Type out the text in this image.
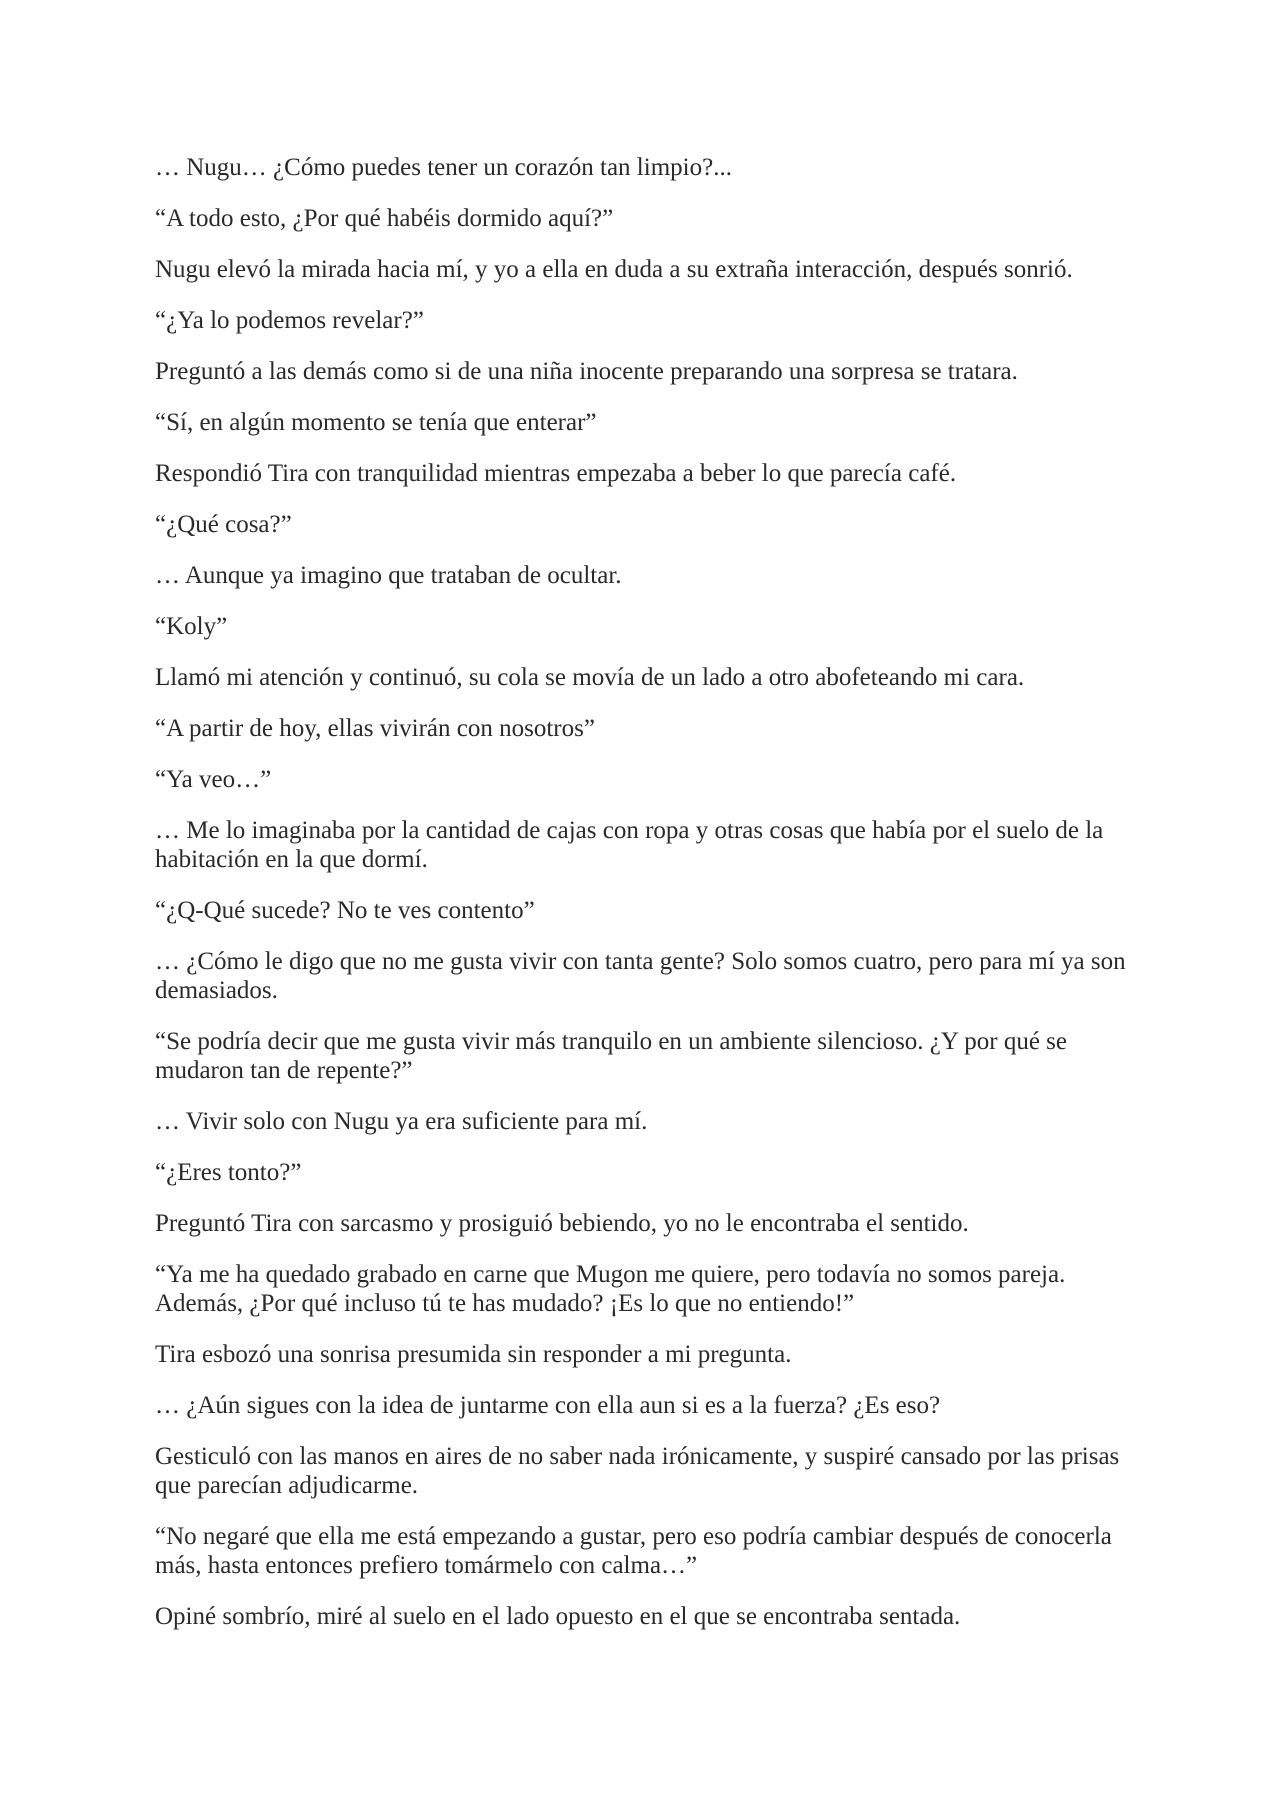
… Nugu… ¿Cómo puedes tener un corazón tan limpio?...

“A todo esto, ¿Por qué habéis dormido aquí?”

Nugu elevó la mirada hacia mí, y yo a ella en duda a su extraña interacción, después sonrió.

“¿Ya lo podemos revelar?”

Preguntó a las demás como si de una niña inocente preparando una sorpresa se tratara.

“Sí, en algún momento se tenía que enterar”

Respondió Tira con tranquilidad mientras empezaba a beber lo que parecía café.

“¿Qué cosa?”

… Aunque ya imagino que trataban de ocultar.

“Koly”

Llamó mi atención y continuó, su cola se movía de un lado a otro abofeteando mi cara.

“A partir de hoy, ellas vivirán con nosotros”

“Ya veo…”

… Me lo imaginaba por la cantidad de cajas con ropa y otras cosas que había por el suelo de la habitación en la que dormí.

“¿Q-Qué sucede? No te ves contento”

… ¿Cómo le digo que no me gusta vivir con tanta gente? Solo somos cuatro, pero para mí ya son demasiados.

“Se podría decir que me gusta vivir más tranquilo en un ambiente silencioso. ¿Y por qué se mudaron tan de repente?”

… Vivir solo con Nugu ya era suficiente para mí.

“¿Eres tonto?”

Preguntó Tira con sarcasmo y prosiguió bebiendo, yo no le encontraba el sentido.

“Ya me ha quedado grabado en carne que Mugon me quiere, pero todavía no somos pareja. Además, ¿Por qué incluso tú te has mudado? ¡Es lo que no entiendo!”

Tira esbozó una sonrisa presumida sin responder a mi pregunta.

… ¿Aún sigues con la idea de juntarme con ella aun si es a la fuerza? ¿Es eso?

Gesticuló con las manos en aires de no saber nada irónicamente, y suspiré cansado por las prisas que parecían adjudicarme.

“No negaré que ella me está empezando a gustar, pero eso podría cambiar después de conocerla más, hasta entonces prefiero tomármelo con calma…”

Opiné sombrío, miré al suelo en el lado opuesto en el que se encontraba sentada.
